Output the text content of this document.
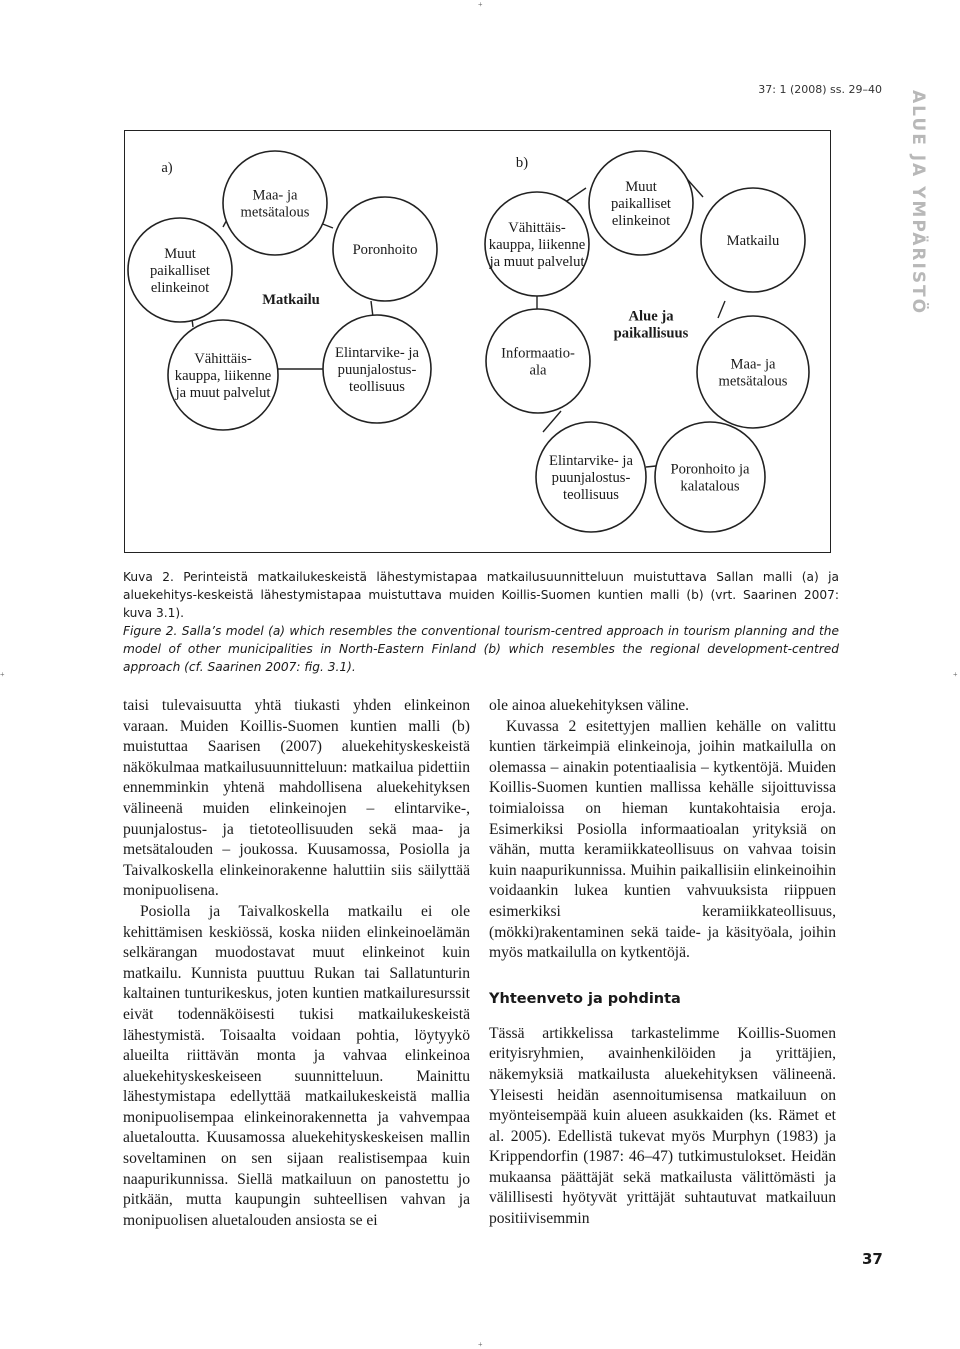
37: 1 (2008) ss. 29–40
ALUE JA YMPÄRISTÖ
a)
Matkailu
Muut
paikalliset
elinkeinot
Maa- ja
metsätalous
Poronhoito
Elintarvike- ja
puunjalostus-
teollisuus
Vähittäis-
kauppa, liikenne
ja muut palvelut
b)
Alue ja
paikallisuus
Muut
paikalliset
elinkeinot
Matkailu
Maa- ja
metsätalous
Poronhoito ja
kalatalous
Elintarvike- ja
puunjalostus-
teollisuus
Informaatio-
ala
Vähittäis-
kauppa, liikenne
ja muut palvelut

Kuva 2. Perinteistä matkailukeskeistä lähestymistapaa matkailusuunnitteluun muistuttava Sallan malli (a) ja aluekehitys-keskeistä lähestymistapaa muistuttava muiden Koillis-Suomen kuntien malli (b) (vrt. Saarinen 2007: kuva 3.1).

Figure 2. Salla’s model (a) which resembles the conventional tourism-centred approach in tourism planning and the model of other municipalities in North-Eastern Finland (b) which resembles the regional development-centred approach (cf. Saarinen 2007: fig. 3.1).

taisi tulevaisuutta yhtä tiukasti yhden elinkeinon varaan. Muiden Koillis-Suomen kuntien malli (b) muistuttaa Saarisen (2007) aluekehityskeskeistä näkökulmaa matkailusuunnitteluun: matkailua pidettiin ennemminkin yhtenä mahdollisena aluekehityksen välineenä muiden elinkeinojen – elintarvike-, puunjalostus- ja tietoteollisuuden sekä maa- ja metsätalouden – joukossa. Kuusamossa, Posiolla ja Taivalkoskella elinkeinorakenne haluttiin siis säilyttää monipuolisena.

Posiolla ja Taivalkoskella matkailu ei ole kehittämisen keskiössä, koska niiden elinkeinoelämän selkärangan muodostavat muut elinkeinot kuin matkailu. Kunnista puuttuu Rukan tai Sallatunturin kaltainen tunturikeskus, joten kuntien matkailuresurssit eivät todennäköisesti tukisi matkailukeskeistä lähestymistä. Toisaalta voidaan pohtia, löytyykö alueilta riittävän monta ja vahvaa elinkeinoa aluekehityskeskeiseen suunnitteluun. Mainittu lähestymistapa edellyttää matkailukeskeistä mallia monipuolisempaa elinkeinorakennetta ja vahvempaa aluetaloutta. Kuusamossa aluekehityskeskeisen mallin soveltaminen on sen sijaan realistisempaa kuin naapurikunnissa. Siellä matkailuun on panostettu jo pitkään, mutta kaupungin suhteellisen vahvan ja monipuolisen aluetalouden ansiosta se ei

ole ainoa aluekehityksen väline.

Kuvassa 2 esitettyjen mallien kehälle on valittu kuntien tärkeimpiä elinkeinoja, joihin matkailulla on olemassa – ainakin potentiaalisia – kytkentöjä. Muiden Koillis-Suomen kuntien mallissa kehälle sijoittuvissa toimialoissa on hieman kuntakohtaisia eroja. Esimerkiksi Posiolla informaatioalan yrityksiä on vähän, mutta keramiikkateollisuus on vahvaa toisin kuin naapurikunnissa. Muihin paikallisiin elinkeinoihin voidaankin lukea kuntien vahvuuksista riippuen esimerkiksi keramiikkateollisuus, (mökki)rakentaminen sekä taide- ja käsityöala, joihin myös matkailulla on kytkentöjä.

Yhteenveto ja pohdinta

Tässä artikkelissa tarkastelimme Koillis-Suomen erityisryhmien, avainhenkilöiden ja yrittäjien, näkemyksiä matkailusta aluekehityksen välineenä. Yleisesti heidän asennoitumisensa matkailuun on myönteisempää kuin alueen asukkaiden (ks. Rämet et al. 2005). Edellistä tukevat myös Murphyn (1983) ja Krippendorfin (1987: 46–47) tutkimustulokset. Heidän mukaansa päättäjät sekä matkailusta välittömästi ja välillisesti hyötyvät yrittäjät suhtautuvat matkailuun positiivisemmin

37
+
+
+	+
